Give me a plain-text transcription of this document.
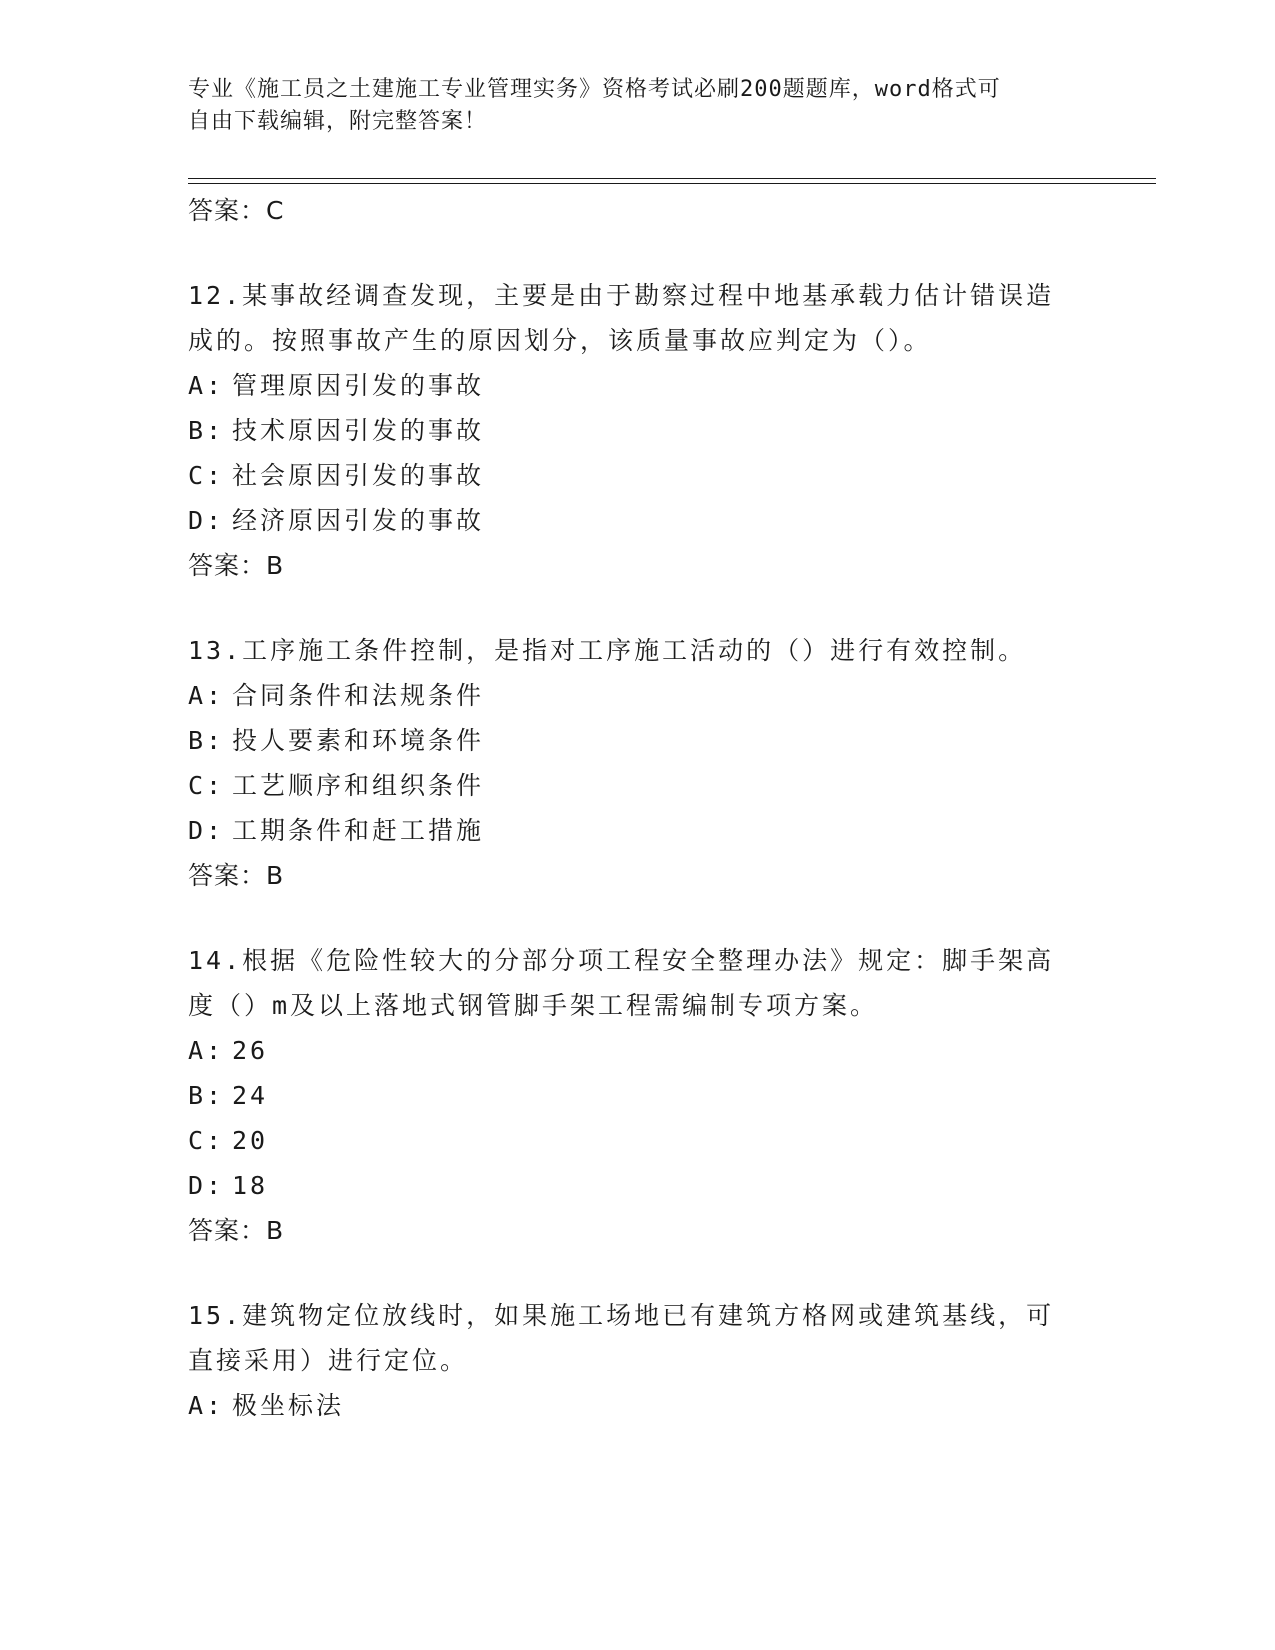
专业《施工员之土建施工专业管理实务》资格考试必刷200题题库，word格式可
自由下载编辑，附完整答案！
答案：C
12.某事故经调查发现，主要是由于勘察过程中地基承载力估计错误造
成的。按照事故产生的原因划分，该质量事故应判定为（）。
A: 管理原因引发的事故
B: 技术原因引发的事故
C: 社会原因引发的事故
D: 经济原因引发的事故
答案：B
13.工序施工条件控制，是指对工序施工活动的（）进行有效控制。
A: 合同条件和法规条件
B: 投人要素和环境条件
C: 工艺顺序和组织条件
D: 工期条件和赶工措施
答案：B
14.根据《危险性较大的分部分项工程安全整理办法》规定：脚手架高
度（）m及以上落地式钢管脚手架工程需编制专项方案。
A: 26
B: 24
C: 20
D: 18
答案：B
15.建筑物定位放线时，如果施工场地已有建筑方格网或建筑基线，可
直接采用）进行定位。
A: 极坐标法
